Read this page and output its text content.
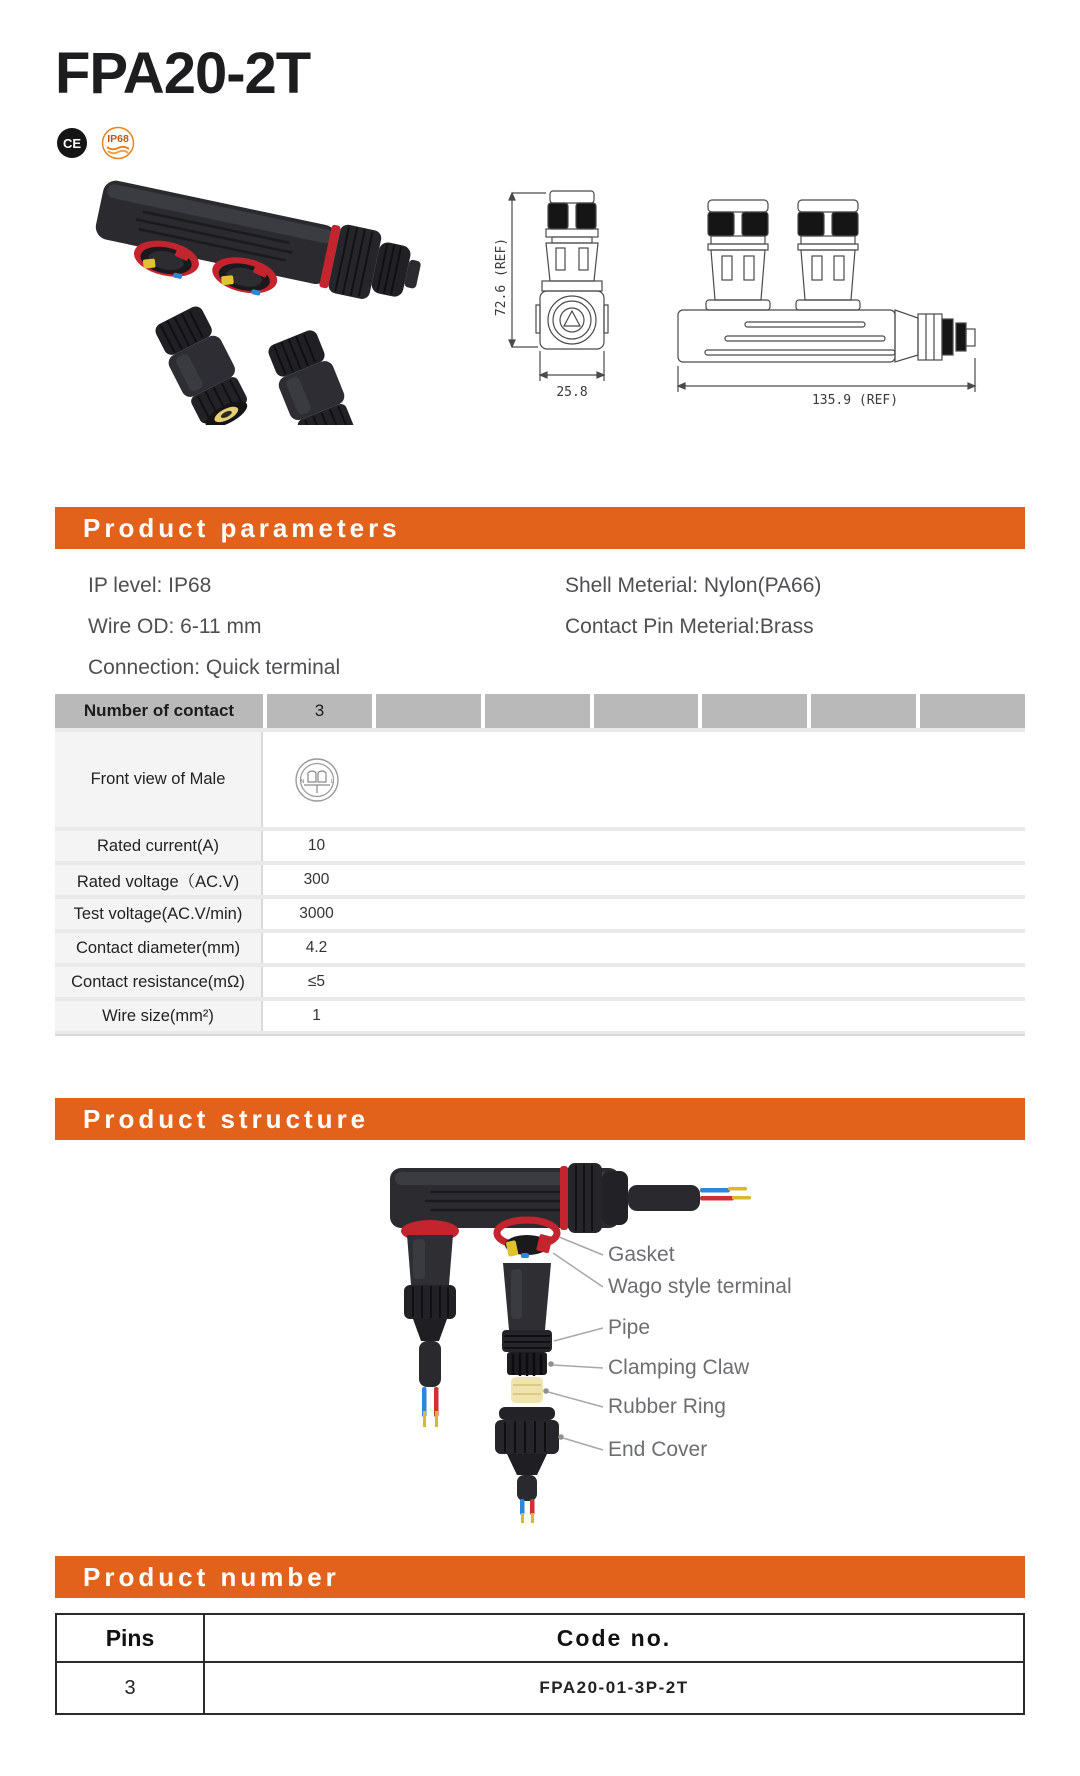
FPA20-2T
CE IP68
72.6 (REF)
25.8
135.9 (REF)
Product parameters
IP level: IP68
Wire OD: 6-11 mm
Connection: Quick terminal
Shell Meterial: Nylon(PA66)
Contact Pin Meterial:Brass
Number of contact	3
Front view of Male	N	L
Rated current(A)	10
Rated voltage（AC.V)	300
Test voltage(AC.V/min)	3000
Contact diameter(mm)	4.2
Contact resistance(mΩ)	≤5
Wire size(mm²)	1
Product structure
Gasket
Wago style terminal
Pipe
Clamping Claw
Rubber Ring
End Cover
Product number
Pins	Code no.
3	FPA20-01-3P-2T
